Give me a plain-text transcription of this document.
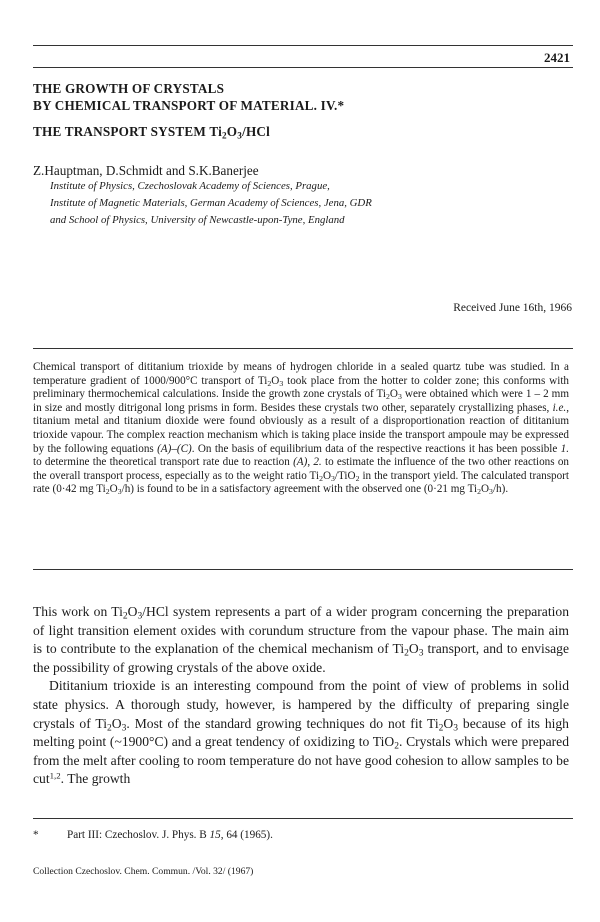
2421
THE GROWTH OF CRYSTALS
BY CHEMICAL TRANSPORT OF MATERIAL. IV.*
THE TRANSPORT SYSTEM $Ti_2O_3$/HCl
Z.Hauptman, D.Schmidt and S.K.Banerjee
Institute of Physics, Czechoslovak Academy of Sciences, Prague,
Institute of Magnetic Materials, German Academy of Sciences, Jena, GDR
and School of Physics, University of Newcastle-upon-Tyne, England
Received June 16th, 1966

Chemical transport of dititanium trioxide by means of hydrogen chloride in a sealed quartz tube was studied. In a temperature gradient of 1000/900°C transport of $Ti_2O_3$ took place from the hotter to colder zone; this conforms with preliminary thermochemical calculations. Inside the growth zone crystals of $Ti_2O_3$ were obtained which were 1 – 2 mm in size and mostly ditrigonal long prisms in form. Besides these crystals two other, separately crystallizing phases, i.e., titanium metal and titanium dioxide were found obviously as a result of a disproportionation reaction of dititanium trioxide vapour. The complex reaction mechanism which is taking place inside the transport ampoule may be expressed by the following equations (A)–(C). On the basis of equilibrium data of the respective reactions it has been possible 1. to determine the theoretical transport rate due to reaction (A), 2. to estimate the influence of the two other reactions on the overall transport process, especially as to the weight ratio $Ti_2O_3/TiO_2$ in the transport yield. The calculated transport rate (0·42 mg $Ti_2O_3/h$) is found to be in a satisfactory agreement with the observed one (0·21 mg $Ti_2O_3/h$).

This work on $Ti_2O_3$/HCl system represents a part of a wider program concerning the preparation of light transition element oxides with corundum structure from the vapour phase. The main aim is to contribute to the explanation of the chemical mechanism of $Ti_2O_3$ transport, and to envisage the possibility of growing crystals of the above oxide.

Dititanium trioxide is an interesting compound from the point of view of problems in solid state physics. A thorough study, however, is hampered by the difficulty of preparing single crystals of $Ti_2O_3$. Most of the standard growing techniques do not fit $Ti_2O_3$ because of its high melting point (~1900°C) and a great tendency of oxidizing to TiO$_2$. Crystals which were prepared from the melt after cooling to room temperature do not have good cohesion to allow samples to be cut$^{1,2}$. The growth

*	Part III: Czechoslov. J. Phys. B 15, 64 (1965).
Collection Czechoslov. Chem. Commun. /Vol. 32/ (1967)
